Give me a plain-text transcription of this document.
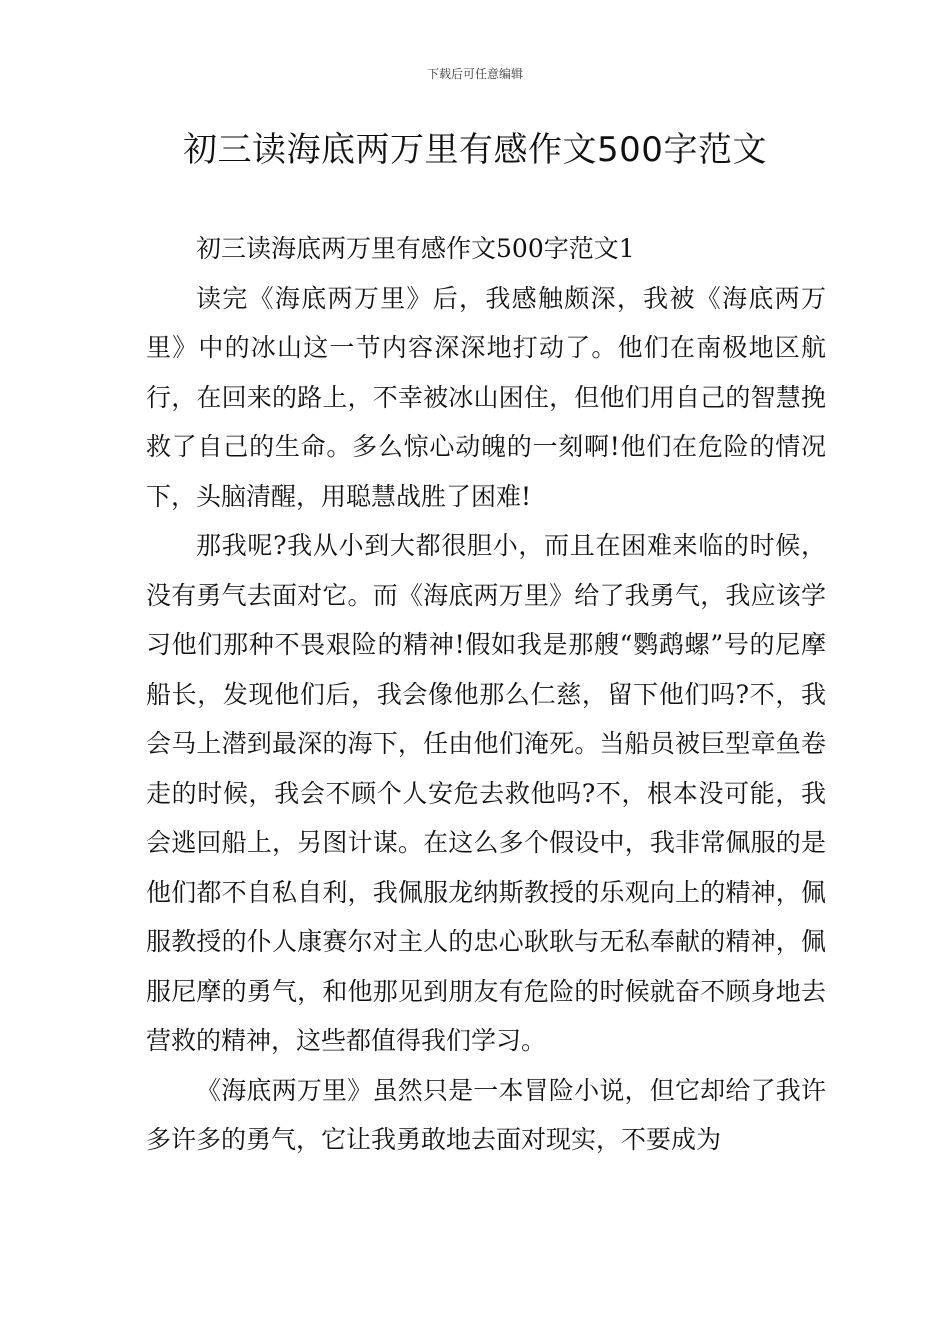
下载后可任意编辑
初三读海底两万里有感作文500字范文

初三读海底两万里有感作文500字范文1

读完《海底两万里》后，我感触颇深，我被《海底两万里》中的冰山这一节内容深深地打动了。他们在南极地区航行，在回来的路上，不幸被冰山困住，但他们用自己的智慧挽救了自己的生命。多么惊心动魄的一刻啊!他们在危险的情况下，头脑清醒，用聪慧战胜了困难!

那我呢?我从小到大都很胆小，而且在困难来临的时候，没有勇气去面对它。而《海底两万里》给了我勇气，我应该学习他们那种不畏艰险的精神!假如我是那艘“鹦鹉螺”号的尼摩船长，发现他们后，我会像他那么仁慈，留下他们吗?不，我会马上潜到最深的海下，任由他们淹死。当船员被巨型章鱼卷走的时候，我会不顾个人安危去救他吗?不，根本没可能，我会逃回船上，另图计谋。在这么多个假设中，我非常佩服的是他们都不自私自利，我佩服龙纳斯教授的乐观向上的精神，佩服教授的仆人康赛尔对主人的忠心耿耿与无私奉献的精神，佩服尼摩的勇气，和他那见到朋友有危险的时候就奋不顾身地去营救的精神，这些都值得我们学习。

《海底两万里》虽然只是一本冒险小说，但它却给了我许多许多的勇气，它让我勇敢地去面对现实，不要成为
